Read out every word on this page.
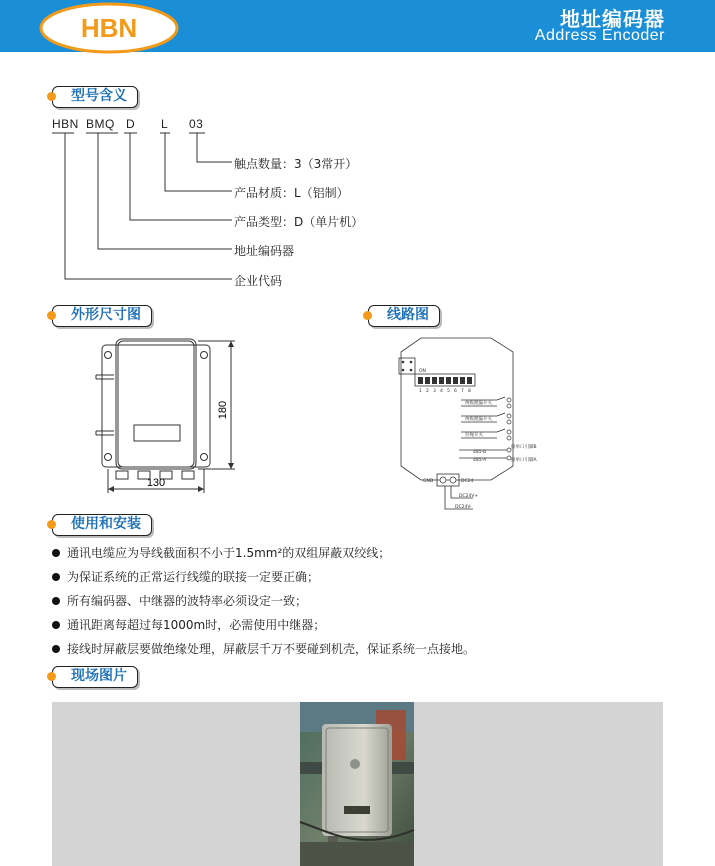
HBN	地址编码器
Address Encoder
型号含义
HBN BMQ D L 03
触点数量：3（3常开）
产品材质：L（铝制）
产品类型：D（单片机）
地址编码器
企业代码
外形尺寸图	线路图
180
130
ON
1 2 3 4 5 6 7 8
两级跑偏开关
两级跑偏开关
拉绳开关
485-B
485-A
接单口引脚B
接单口引脚A
GND	DC24
DC24V+
DC24V-
使用和安装
通讯电缆应为导线截面积不小于1.5mm²的双组屏蔽双绞线；
为保证系统的正常运行线缆的联接一定要正确；
所有编码器、中继器的波特率必须设定一致；
通讯距离每超过每1000m时，必需使用中继器；
接线时屏蔽层要做绝缘处理，屏蔽层千万不要碰到机壳，保证系统一点接地。
现场图片
